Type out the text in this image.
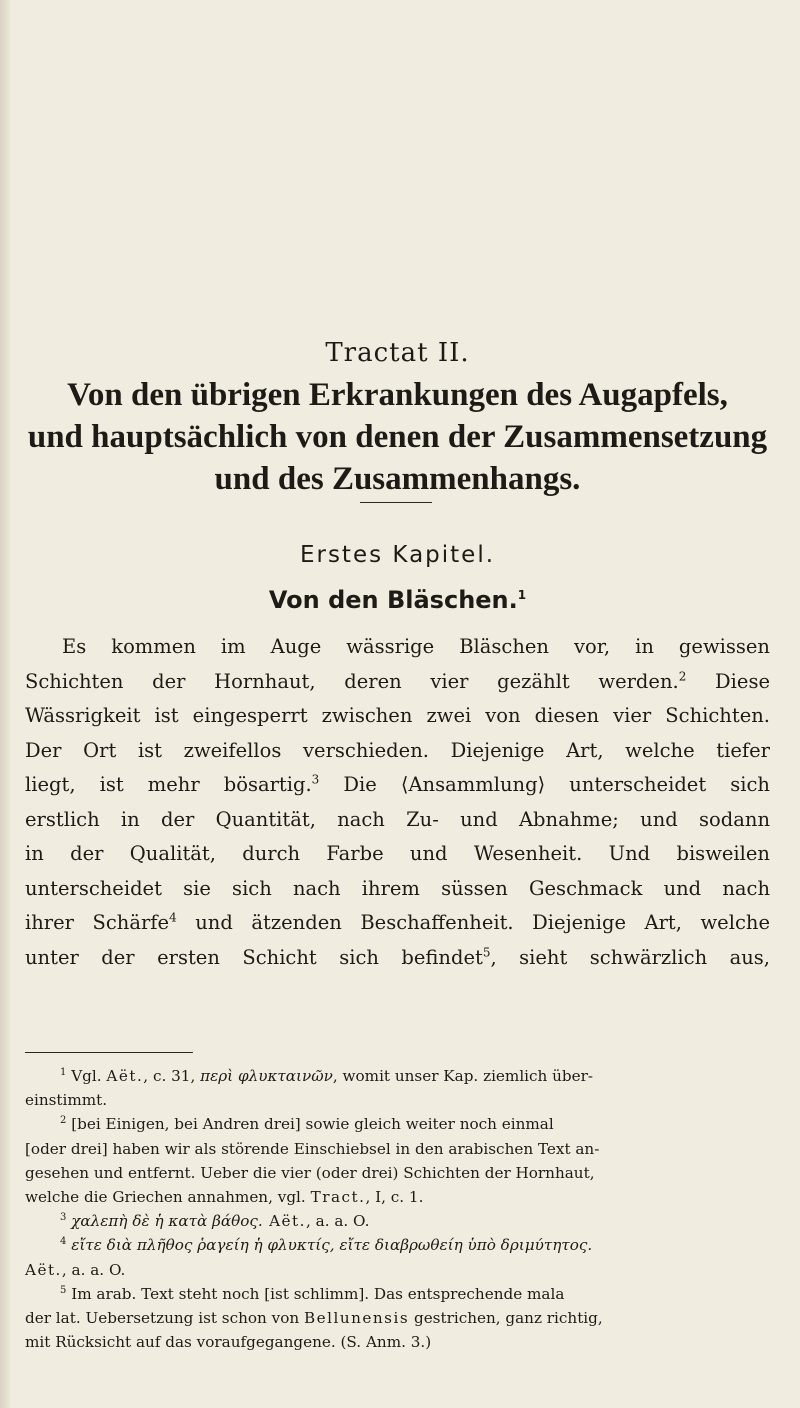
Tractat II.
Von den übrigen Erkrankungen des Augapfels,
und hauptsächlich von denen der Zusammensetzung
und des Zusammenhangs.
Erstes Kapitel.
Von den Bläschen.$^1$
Es kommen im Auge wässrige Bläschen vor, in gewissen
Schichten der Hornhaut, deren vier gezählt werden.$^2$ Diese
Wässrigkeit ist eingesperrt zwischen zwei von diesen vier Schichten.
Der Ort ist zweifellos verschieden. Diejenige Art, welche tiefer
liegt, ist mehr bösartig.$^3$ Die ⟨Ansammlung⟩ unterscheidet sich
erstlich in der Quantität, nach Zu- und Abnahme; und sodann
in der Qualität, durch Farbe und Wesenheit. Und bisweilen
unterscheidet sie sich nach ihrem süssen Geschmack und nach
ihrer Schärfe$^4$ und ätzenden Beschaffenheit. Diejenige Art, welche
unter der ersten Schicht sich befindet$^5$, sieht schwärzlich aus,
$^1$ Vgl. Aët., c. 31, περὶ φλυκταινῶν, womit unser Kap. ziemlich über-
einstimmt.
$^2$ [bei Einigen, bei Andren drei] sowie gleich weiter noch einmal
[oder drei] haben wir als störende Einschiebsel in den arabischen Text an-
gesehen und entfernt. Ueber die vier (oder drei) Schichten der Hornhaut,
welche die Griechen annahmen, vgl. Tract., I, c. 1.
$^3$ χαλεπὴ δὲ ἡ κατὰ βάθος. Aët., a. a. O.
$^4$ εἴτε διὰ πλῆθος ῥαγείη ἡ φλυκτίς, εἴτε διαβρωθείη ὑπὸ δριμύτητος.
Aët., a. a. O.
$^5$ Im arab. Text steht noch [ist schlimm]. Das entsprechende mala
der lat. Uebersetzung ist schon von Bellunensis gestrichen, ganz richtig,
mit Rücksicht auf das voraufgegangene. (S. Anm. 3.)
